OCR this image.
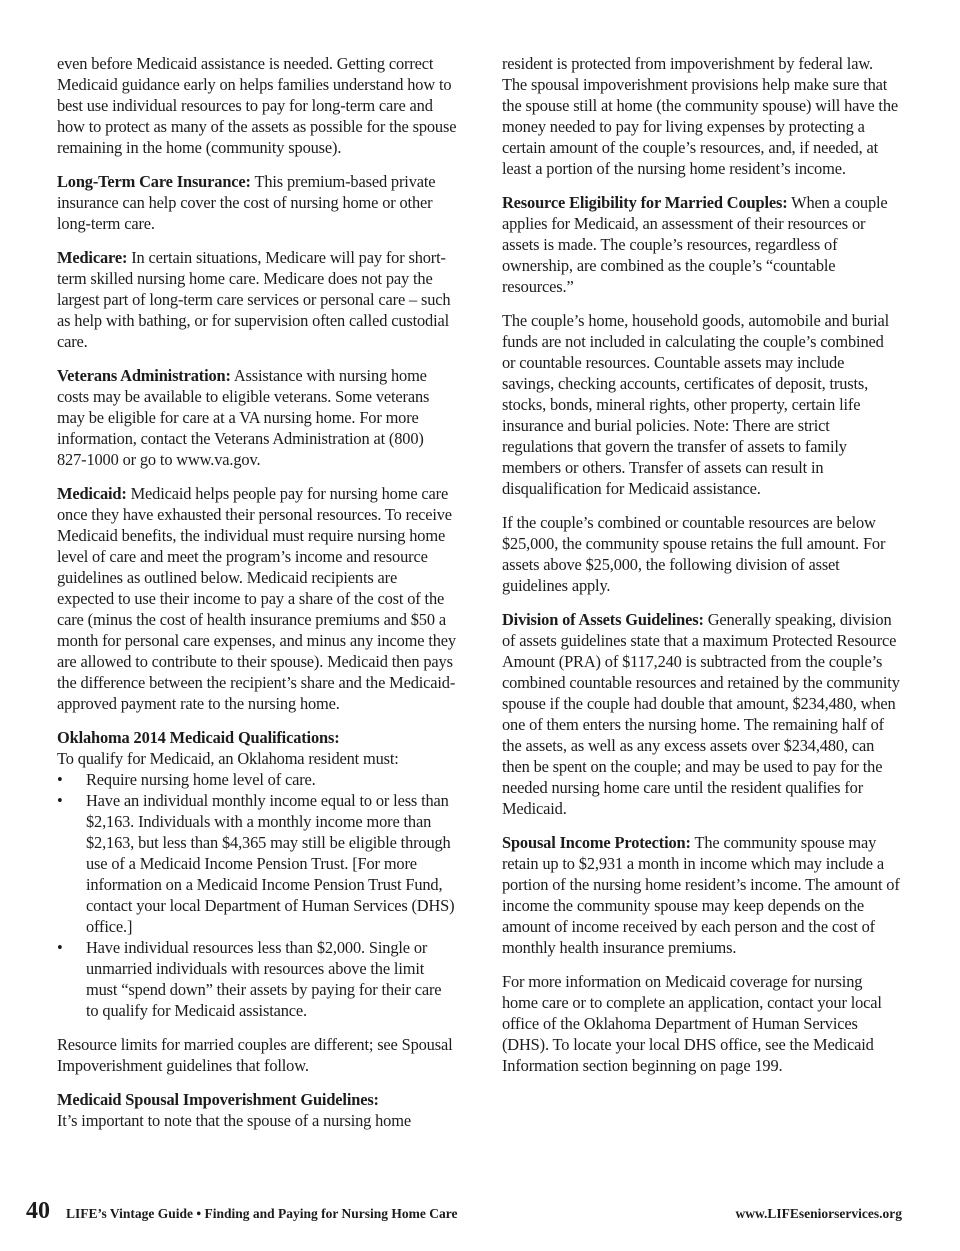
even before Medicaid assistance is needed. Getting correct Medicaid guidance early on helps families understand how to best use individual resources to pay for long-term care and how to protect as many of the assets as possible for the spouse remaining in the home (community spouse).

Long-Term Care Insurance: This premium-based private insurance can help cover the cost of nursing home or other long-term care.

Medicare: In certain situations, Medicare will pay for short-term skilled nursing home care. Medicare does not pay the largest part of long-term care services or personal care – such as help with bathing, or for supervision often called custodial care.

Veterans Administration: Assistance with nursing home costs may be available to eligible veterans. Some veterans may be eligible for care at a VA nursing home. For more information, contact the Veterans Administration at (800) 827-1000 or go to www.va.gov.

Medicaid: Medicaid helps people pay for nursing home care once they have exhausted their personal resources. To receive Medicaid benefits, the individual must require nursing home level of care and meet the program’s income and resource guidelines as outlined below. Medicaid recipients are expected to use their income to pay a share of the cost of the care (minus the cost of health insurance premiums and $50 a month for personal care expenses, and minus any income they are allowed to contribute to their spouse). Medicaid then pays the difference between the recipient’s share and the Medicaid-approved payment rate to the nursing home.

Oklahoma 2014 Medicaid Qualifications:
To qualify for Medicaid, an Oklahoma resident must:
• Require nursing home level of care.
• Have an individual monthly income equal to or less than $2,163. Individuals with a monthly income more than $2,163, but less than $4,365 may still be eligible through use of a Medicaid Income Pension Trust. [For more information on a Medicaid Income Pension Trust Fund, contact your local Department of Human Services (DHS) office.]
• Have individual resources less than $2,000. Single or unmarried individuals with resources above the limit must “spend down” their assets by paying for their care to qualify for Medicaid assistance.

Resource limits for married couples are different; see Spousal Impoverishment guidelines that follow.

Medicaid Spousal Impoverishment Guidelines:
It’s important to note that the spouse of a nursing home

resident is protected from impoverishment by federal law. The spousal impoverishment provisions help make sure that the spouse still at home (the community spouse) will have the money needed to pay for living expenses by protecting a certain amount of the couple’s resources, and, if needed, at least a portion of the nursing home resident’s income.

Resource Eligibility for Married Couples: When a couple applies for Medicaid, an assessment of their resources or assets is made. The couple’s resources, regardless of ownership, are combined as the couple’s “countable resources.”

The couple’s home, household goods, automobile and burial funds are not included in calculating the couple’s combined or countable resources. Countable assets may include savings, checking accounts, certificates of deposit, trusts, stocks, bonds, mineral rights, other property, certain life insurance and burial policies. Note: There are strict regulations that govern the transfer of assets to family members or others. Transfer of assets can result in disqualification for Medicaid assistance.

If the couple’s combined or countable resources are below $25,000, the community spouse retains the full amount. For assets above $25,000, the following division of asset guidelines apply.

Division of Assets Guidelines: Generally speaking, division of assets guidelines state that a maximum Protected Resource Amount (PRA) of $117,240 is subtracted from the couple’s combined countable resources and retained by the community spouse if the couple had double that amount, $234,480, when one of them enters the nursing home. The remaining half of the assets, as well as any excess assets over $234,480, can then be spent on the couple; and may be used to pay for the needed nursing home care until the resident qualifies for Medicaid.

Spousal Income Protection: The community spouse may retain up to $2,931 a month in income which may include a portion of the nursing home resident’s income. The amount of income the community spouse may keep depends on the amount of income received by each person and the cost of monthly health insurance premiums.

For more information on Medicaid coverage for nursing home care or to complete an application, contact your local office of the Oklahoma Department of Human Services (DHS). To locate your local DHS office, see the Medicaid Information section beginning on page 199.

40 LIFE’s Vintage Guide • Finding and Paying for Nursing Home Care	www.LIFEseniorservices.org
